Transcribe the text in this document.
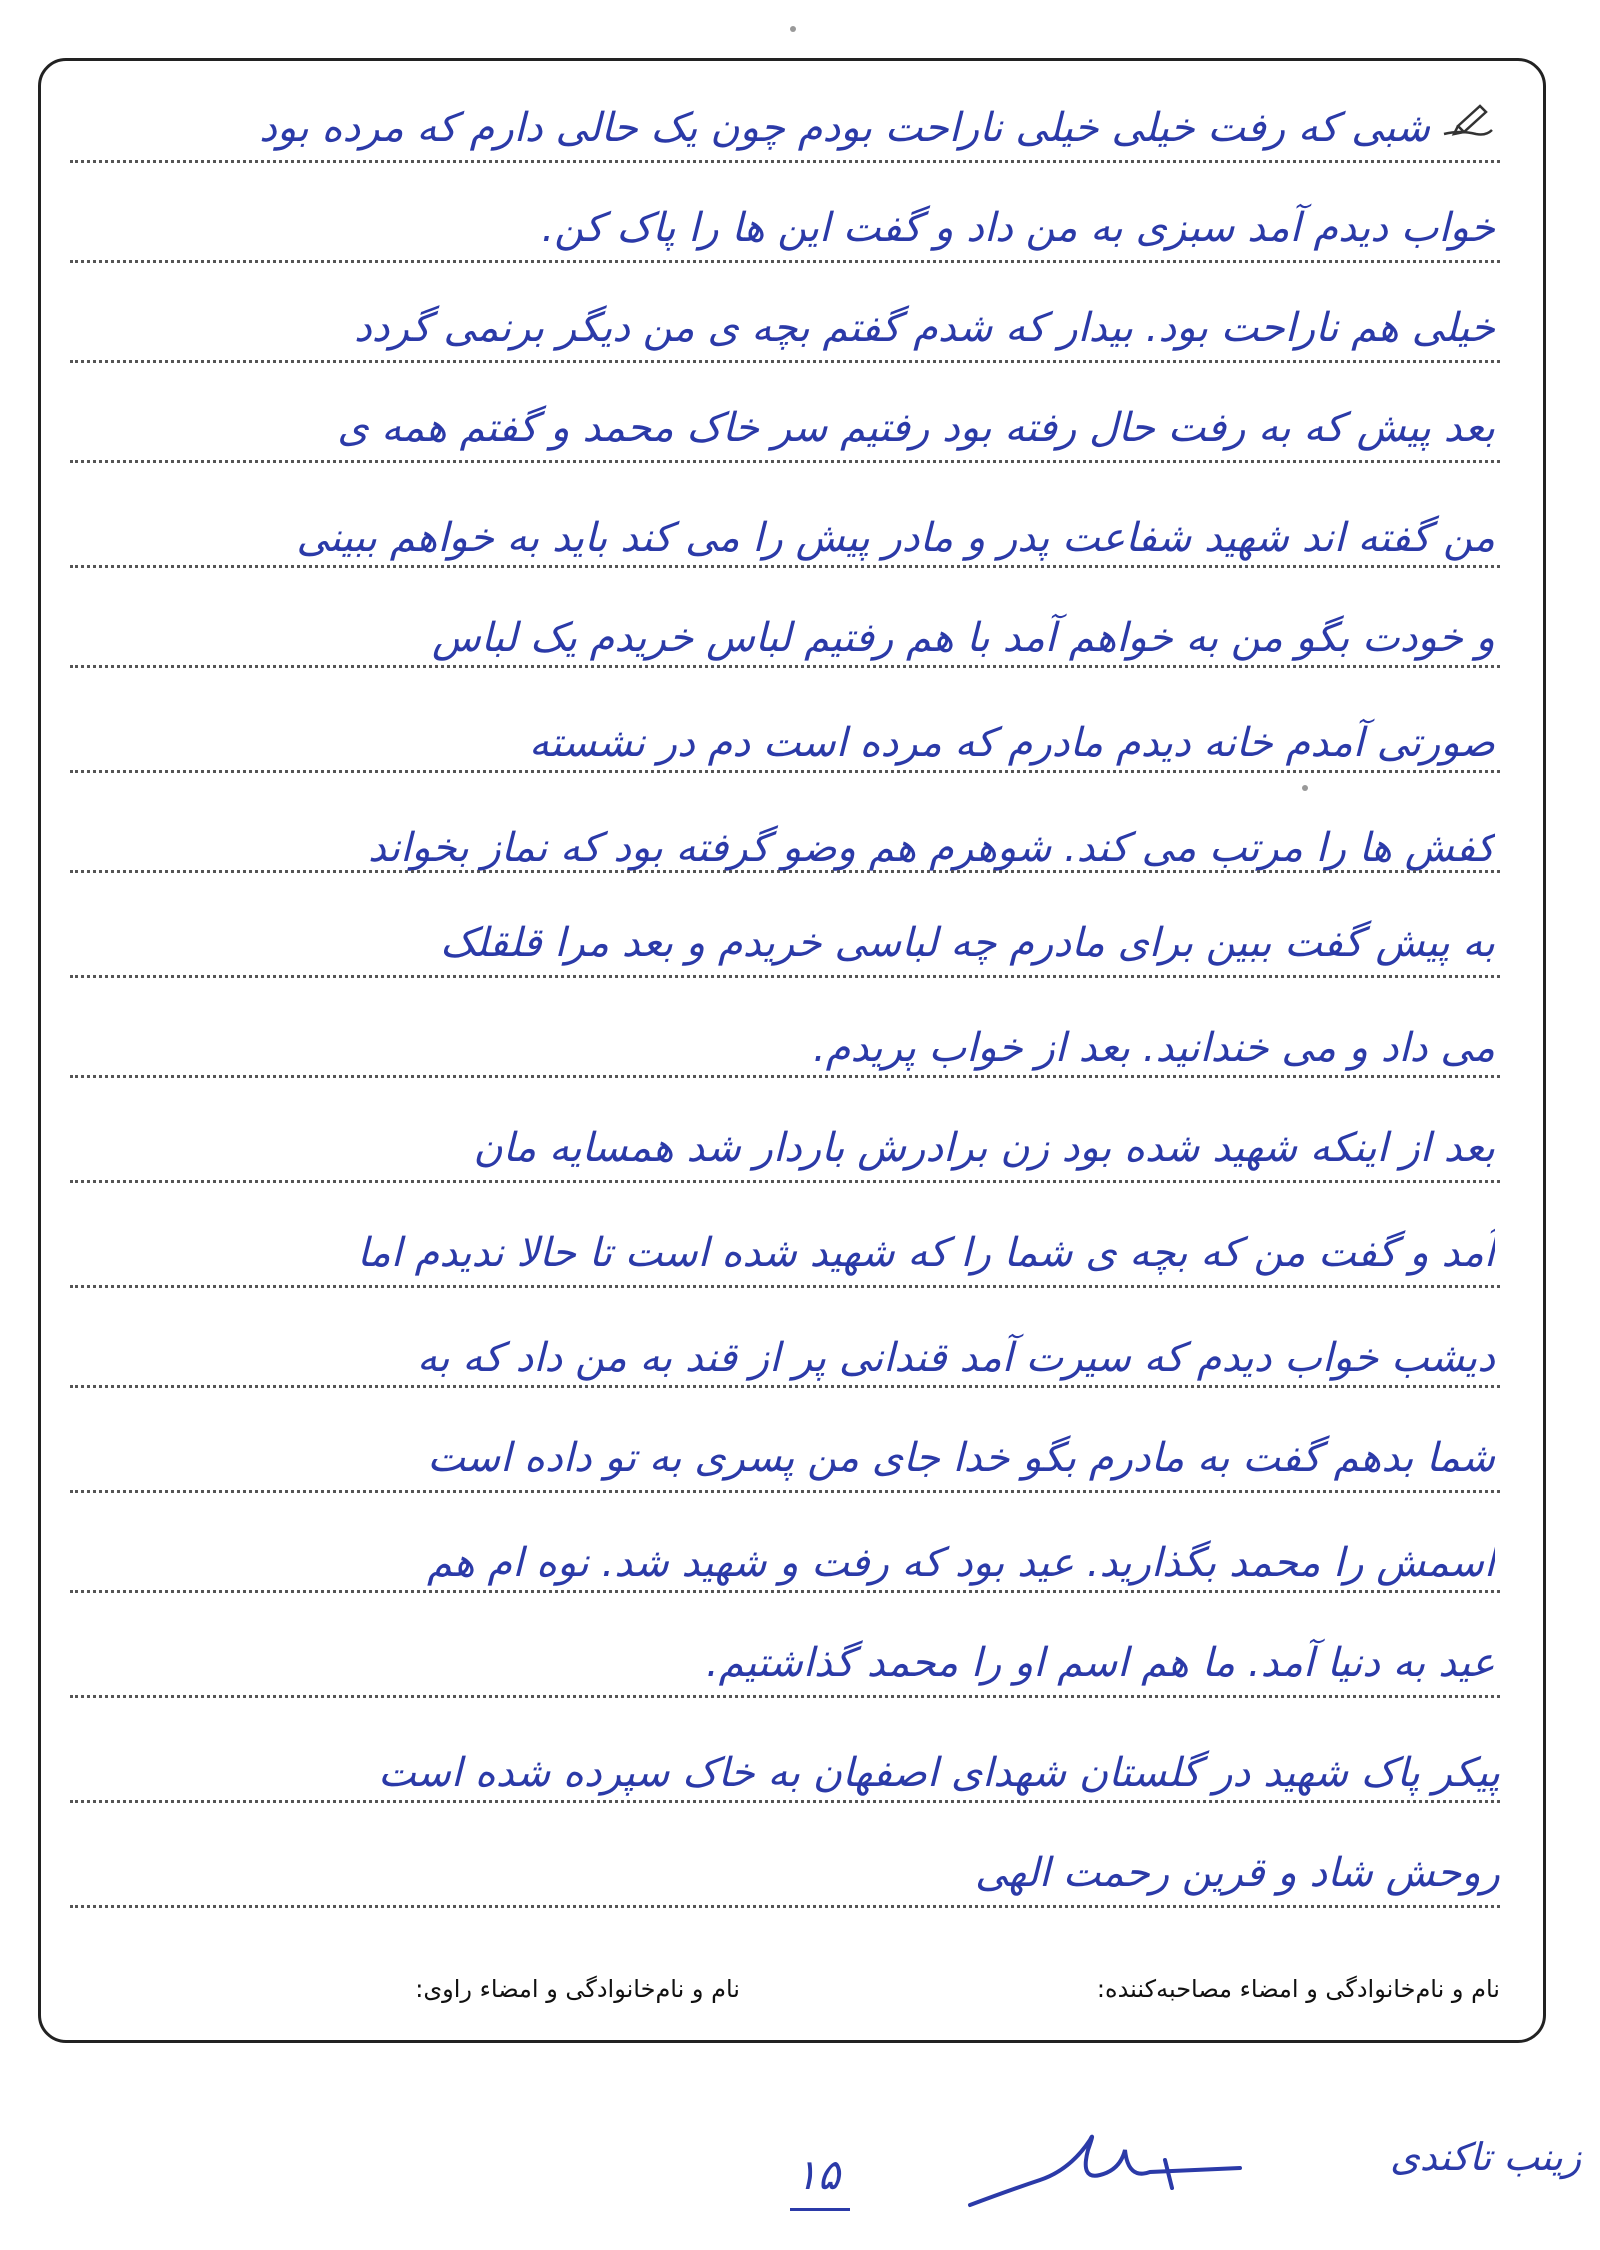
شبی که رفت خیلی خیلی ناراحت بودم چون یک حالی دارم که مرده بود
خواب دیدم آمد سبزی به من داد و گفت این ها را پاک کن.
خیلی هم ناراحت بود. بیدار که شدم گفتم بچه ی من دیگر برنمی گردد
بعد پیش که به رفت حال رفته بود رفتیم سر خاک محمد و گفتم همه ی
من گفته اند شهید شفاعت پدر و مادر پیش را می کند باید به خواهم ببینی
و خودت بگو من به خواهم آمد با هم رفتیم لباس خریدم یک لباس
صورتی آمدم خانه دیدم مادرم که مرده است دم در نشسته
کفش ها را مرتب می کند. شوهرم هم وضو گرفته بود که نماز بخواند
به پیش گفت ببین برای مادرم چه لباسی خریدم و بعد مرا قلقلک
می داد و می خندانید. بعد از خواب پریدم.
بعد از اینکه شهید شده بود زن برادرش باردار شد همسایه مان
آمد و گفت من که بچه ی شما را که شهید شده است تا حالا ندیدم اما
دیشب خواب دیدم که سیرت آمد قندانی پر از قند به من داد که به
شما بدهم گفت به مادرم بگو خدا جای من پسری به تو داده است
اسمش را محمد بگذارید. عید بود که رفت و شهید شد. نوه ام هم
عید به دنیا آمد. ما هم اسم او را محمد گذاشتیم.
پیکر پاک شهید در گلستان شهدای اصفهان به خاک سپرده شده است
روحش شاد و قرین رحمت الهی
نام و نام‌خانوادگی و امضاء مصاحبه‌کننده:
نام و نام‌خانوادگی و امضاء راوی:
۱۵	زینب تاکندی
